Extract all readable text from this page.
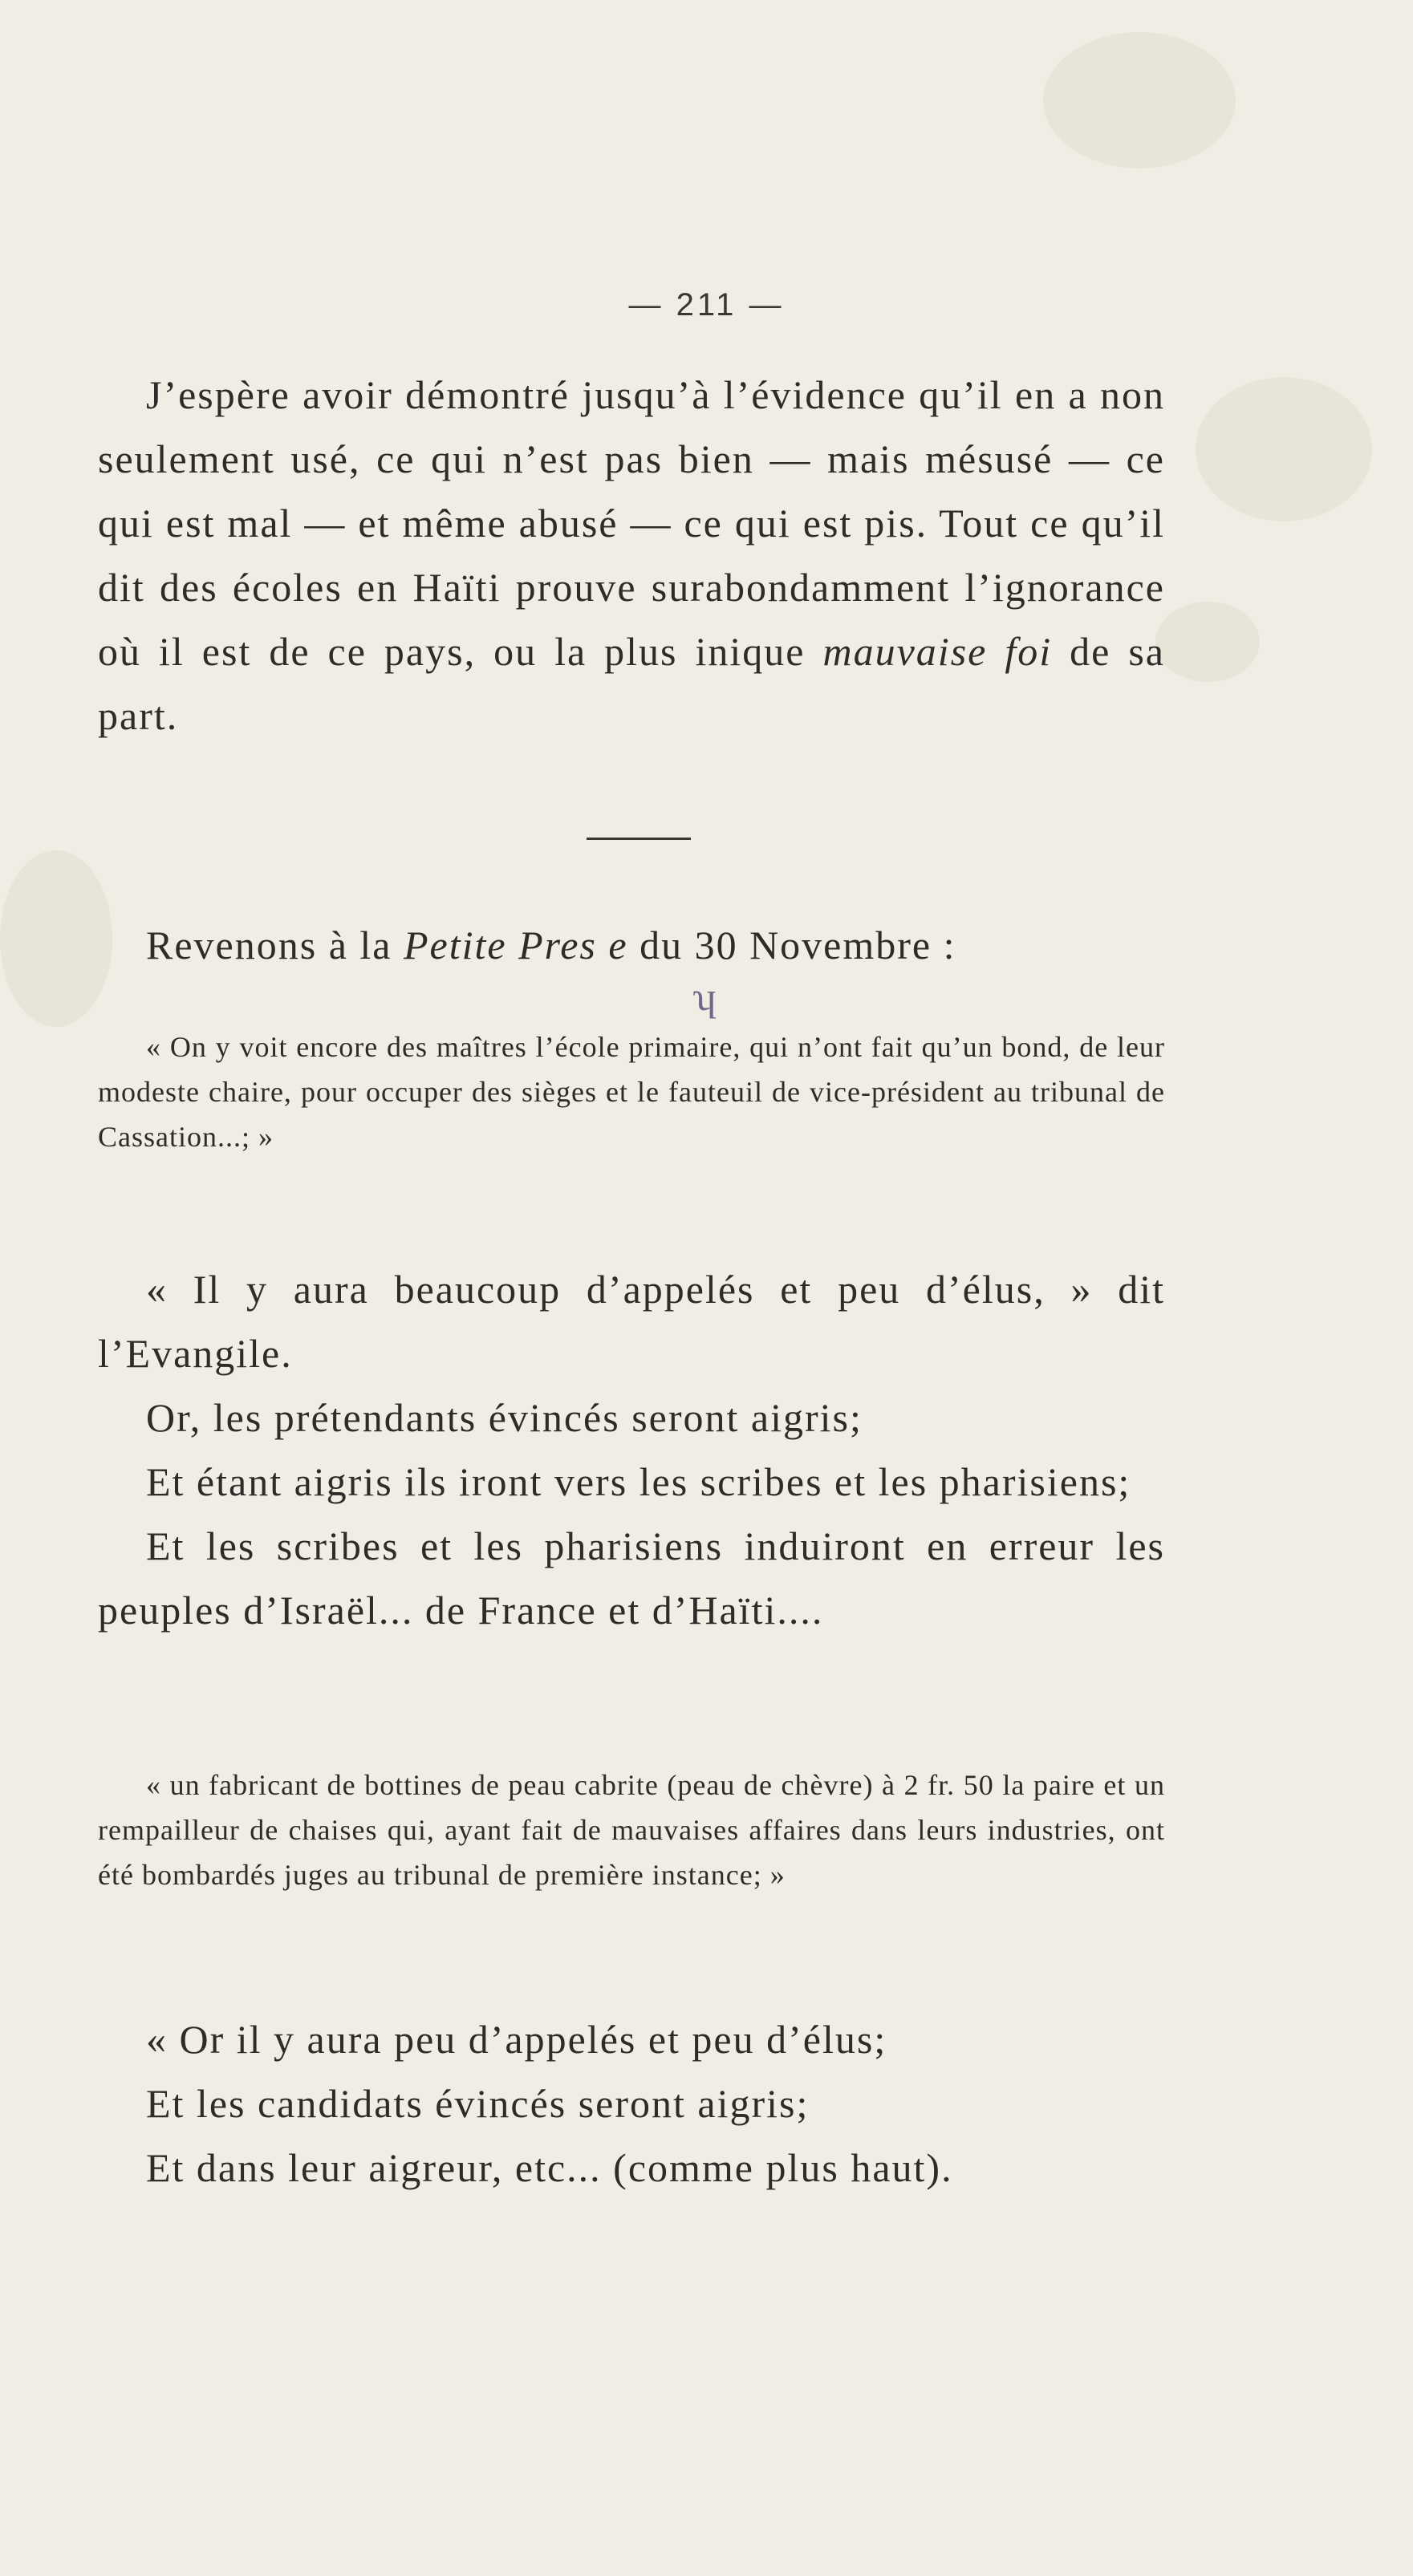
— 211 —

J’espère avoir démontré jusqu’à l’évidence qu’il en a non seulement usé, ce qui n’est pas bien — mais mésusé — ce qui est mal — et même abusé — ce qui est pis. Tout ce qu’il dit des écoles en Haïti prouve surabondamment l’ignorance où il est de ce pays, ou la plus inique mauvaise foi de sa part.

Revenons à la Petite Pres e du 30 Novembre :

ʮ

« On y voit encore des maîtres l’école primaire, qui n’ont fait qu’un bond, de leur modeste chaire, pour occuper des sièges et le fauteuil de vice-président au tribunal de Cassation...; »

« Il y aura beaucoup d’appelés et peu d’élus, » dit l’Evangile.

Or, les prétendants évincés seront aigris;

Et étant aigris ils iront vers les scribes et les pharisiens;

Et les scribes et les pharisiens induiront en erreur les peuples d’Israël... de France et d’Haïti....

« un fabricant de bottines de peau cabrite (peau de chèvre) à 2 fr. 50 la paire et un rempailleur de chaises qui, ayant fait de mauvaises affaires dans leurs industries, ont été bombardés juges au tribunal de première instance; »

« Or il y aura peu d’appelés et peu d’élus;

Et les candidats évincés seront aigris;

Et dans leur aigreur, etc... (comme plus haut).
